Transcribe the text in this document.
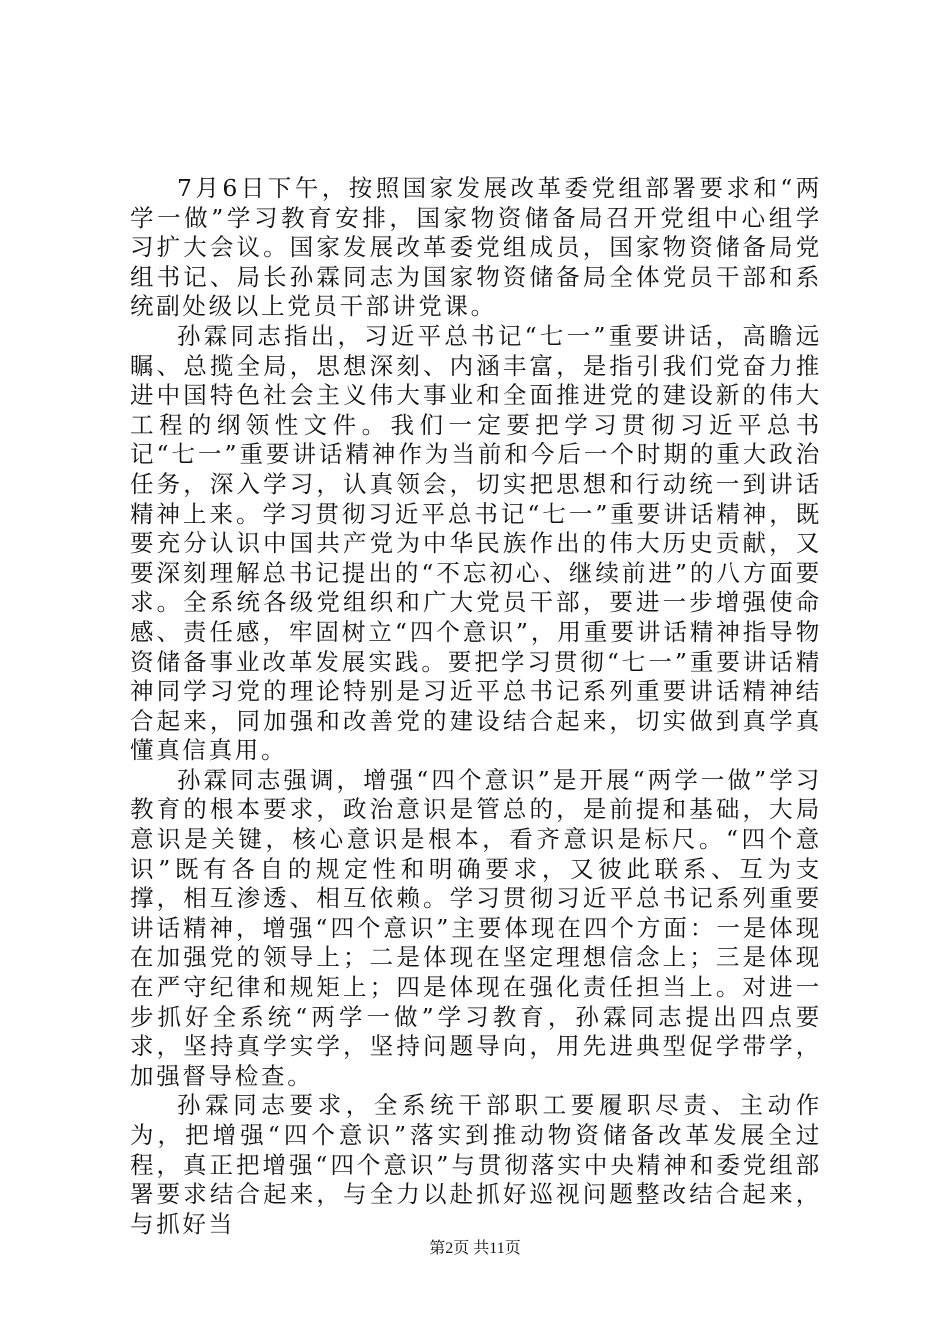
7月6日下午，按照国家发展改革委党组部署要求和“两学一做”学习教育安排，国家物资储备局召开党组中心组学习扩大会议。国家发展改革委党组成员，国家物资储备局党组书记、局长孙霖同志为国家物资储备局全体党员干部和系统副处级以上党员干部讲党课。

孙霖同志指出，习近平总书记“七一”重要讲话，高瞻远瞩、总揽全局，思想深刻、内涵丰富，是指引我们党奋力推进中国特色社会主义伟大事业和全面推进党的建设新的伟大工程的纲领性文件。我们一定要把学习贯彻习近平总书记“七一”重要讲话精神作为当前和今后一个时期的重大政治任务，深入学习，认真领会，切实把思想和行动统一到讲话精神上来。学习贯彻习近平总书记“七一”重要讲话精神，既要充分认识中国共产党为中华民族作出的伟大历史贡献，又要深刻理解总书记提出的“不忘初心、继续前进”的八方面要求。全系统各级党组织和广大党员干部，要进一步增强使命感、责任感，牢固树立“四个意识”，用重要讲话精神指导物资储备事业改革发展实践。要把学习贯彻“七一”重要讲话精神同学习党的理论特别是习近平总书记系列重要讲话精神结合起来，同加强和改善党的建设结合起来，切实做到真学真懂真信真用。

孙霖同志强调，增强“四个意识”是开展“两学一做”学习教育的根本要求，政治意识是管总的，是前提和基础，大局意识是关键，核心意识是根本，看齐意识是标尺。“四个意识”既有各自的规定性和明确要求，又彼此联系、互为支撑，相互渗透、相互依赖。学习贯彻习近平总书记系列重要讲话精神，增强“四个意识”主要体现在四个方面：一是体现在加强党的领导上；二是体现在坚定理想信念上；三是体现在严守纪律和规矩上；四是体现在强化责任担当上。对进一步抓好全系统“两学一做”学习教育，孙霖同志提出四点要求，坚持真学实学，坚持问题导向，用先进典型促学带学，加强督导检查。

孙霖同志要求，全系统干部职工要履职尽责、主动作为，把增强“四个意识”落实到推动物资储备改革发展全过程，真正把增强“四个意识”与贯彻落实中央精神和委党组部署要求结合起来，与全力以赴抓好巡视问题整改结合起来，与抓好当

第2页 共11页
